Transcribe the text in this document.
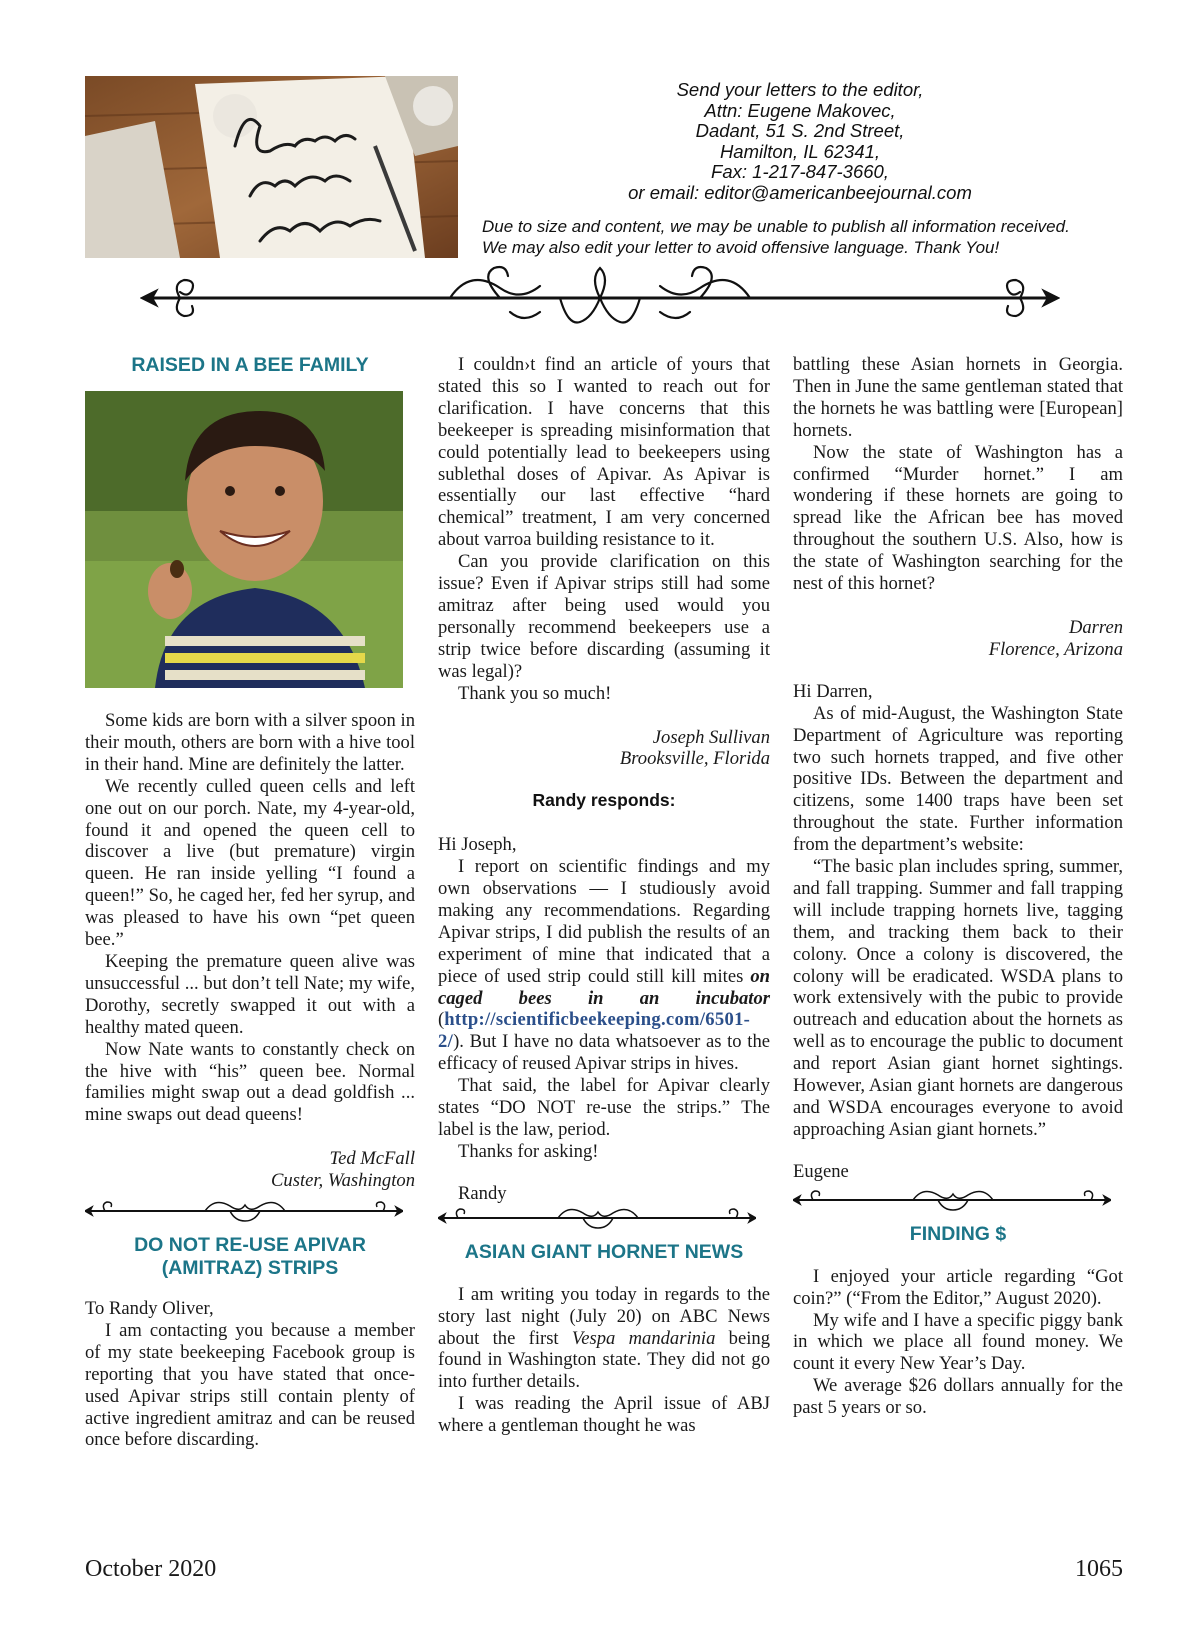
Send your letters to the editor,
Attn: Eugene Makovec,
Dadant, 51 S. 2nd Street,
Hamilton, IL 62341,
Fax: 1-217-847-3660,
or email: editor@americanbeejournal.com
Due to size and content, we may be unable to publish all information received.
We may also edit your letter to avoid offensive language. Thank You!
RAISED IN A BEE FAMILY

Some kids are born with a silver spoon in their mouth, others are born with a hive tool in their hand. Mine are definitely the latter.

We recently culled queen cells and left one out on our porch. Nate, my 4-year-old, found it and opened the queen cell to discover a live (but premature) virgin queen. He ran inside yelling “I found a queen!” So, he caged her, fed her syrup, and was pleased to have his own “pet queen bee.”

Keeping the premature queen alive was unsuccessful ... but don’t tell Nate; my wife, Dorothy, secretly swapped it out with a healthy mated queen.

Now Nate wants to constantly check on the hive with “his” queen bee. Normal families might swap out a dead goldfish ... mine swaps out dead queens!

Ted McFall
Custer, Washington
DO NOT RE-USE APIVAR (AMITRAZ) STRIPS

To Randy Oliver,

I am contacting you because a member of my state beekeeping Facebook group is reporting that you have stated that once-used Apivar strips still contain plenty of active ingredient amitraz and can be reused once before discarding.

I couldn›t find an article of yours that stated this so I wanted to reach out for clarification. I have concerns that this beekeeper is spreading misinformation that could potentially lead to beekeepers using sublethal doses of Apivar. As Apivar is essentially our last effective “hard chemical” treatment, I am very concerned about varroa building resistance to it.

Can you provide clarification on this issue? Even if Apivar strips still had some amitraz after being used would you personally recommend beekeepers use a strip twice before discarding (assuming it was legal)?

Thank you so much!

Joseph Sullivan
Brooksville, Florida
Randy responds:

Hi Joseph,

I report on scientific findings and my own observations — I studiously avoid making any recommendations. Regarding Apivar strips, I did publish the results of an experiment of mine that indicated that a piece of used strip could still kill mites on caged bees in an incubator (http://scientificbeekeeping.com/6501-2/). But I have no data whatsoever as to the efficacy of reused Apivar strips in hives.

That said, the label for Apivar clearly states “DO NOT re-use the strips.” The label is the law, period.

Thanks for asking!

Randy

ASIAN GIANT HORNET NEWS

I am writing you today in regards to the story last night (July 20) on ABC News about the first Vespa mandarinia being found in Washington state. They did not go into further details.

I was reading the April issue of ABJ where a gentleman thought he was

battling these Asian hornets in Georgia. Then in June the same gentleman stated that the hornets he was battling were [European] hornets.

Now the state of Washington has a confirmed “Murder hornet.” I am wondering if these hornets are going to spread like the African bee has moved throughout the southern U.S. Also, how is the state of Washington searching for the nest of this hornet?

Darren
Florence, Arizona

Hi Darren,

As of mid-August, the Washington State Department of Agriculture was reporting two such hornets trapped, and five other positive IDs. Between the department and citizens, some 1400 traps have been set throughout the state. Further information from the department’s website:

“The basic plan includes spring, summer, and fall trapping. Summer and fall trapping will include trapping hornets live, tagging them, and tracking them back to their colony. Once a colony is discovered, the colony will be eradicated. WSDA plans to work extensively with the pubic to provide outreach and education about the hornets as well as to encourage the public to document and report Asian giant hornet sightings. However, Asian giant hornets are dangerous and WSDA encourages everyone to avoid approaching Asian giant hornets.”

Eugene

FINDING $

I enjoyed your article regarding “Got coin?” (“From the Editor,” August 2020).

My wife and I have a specific piggy bank in which we place all found money. We count it every New Year’s Day.

We average $26 dollars annually for the past 5 years or so.

October 2020	1065
